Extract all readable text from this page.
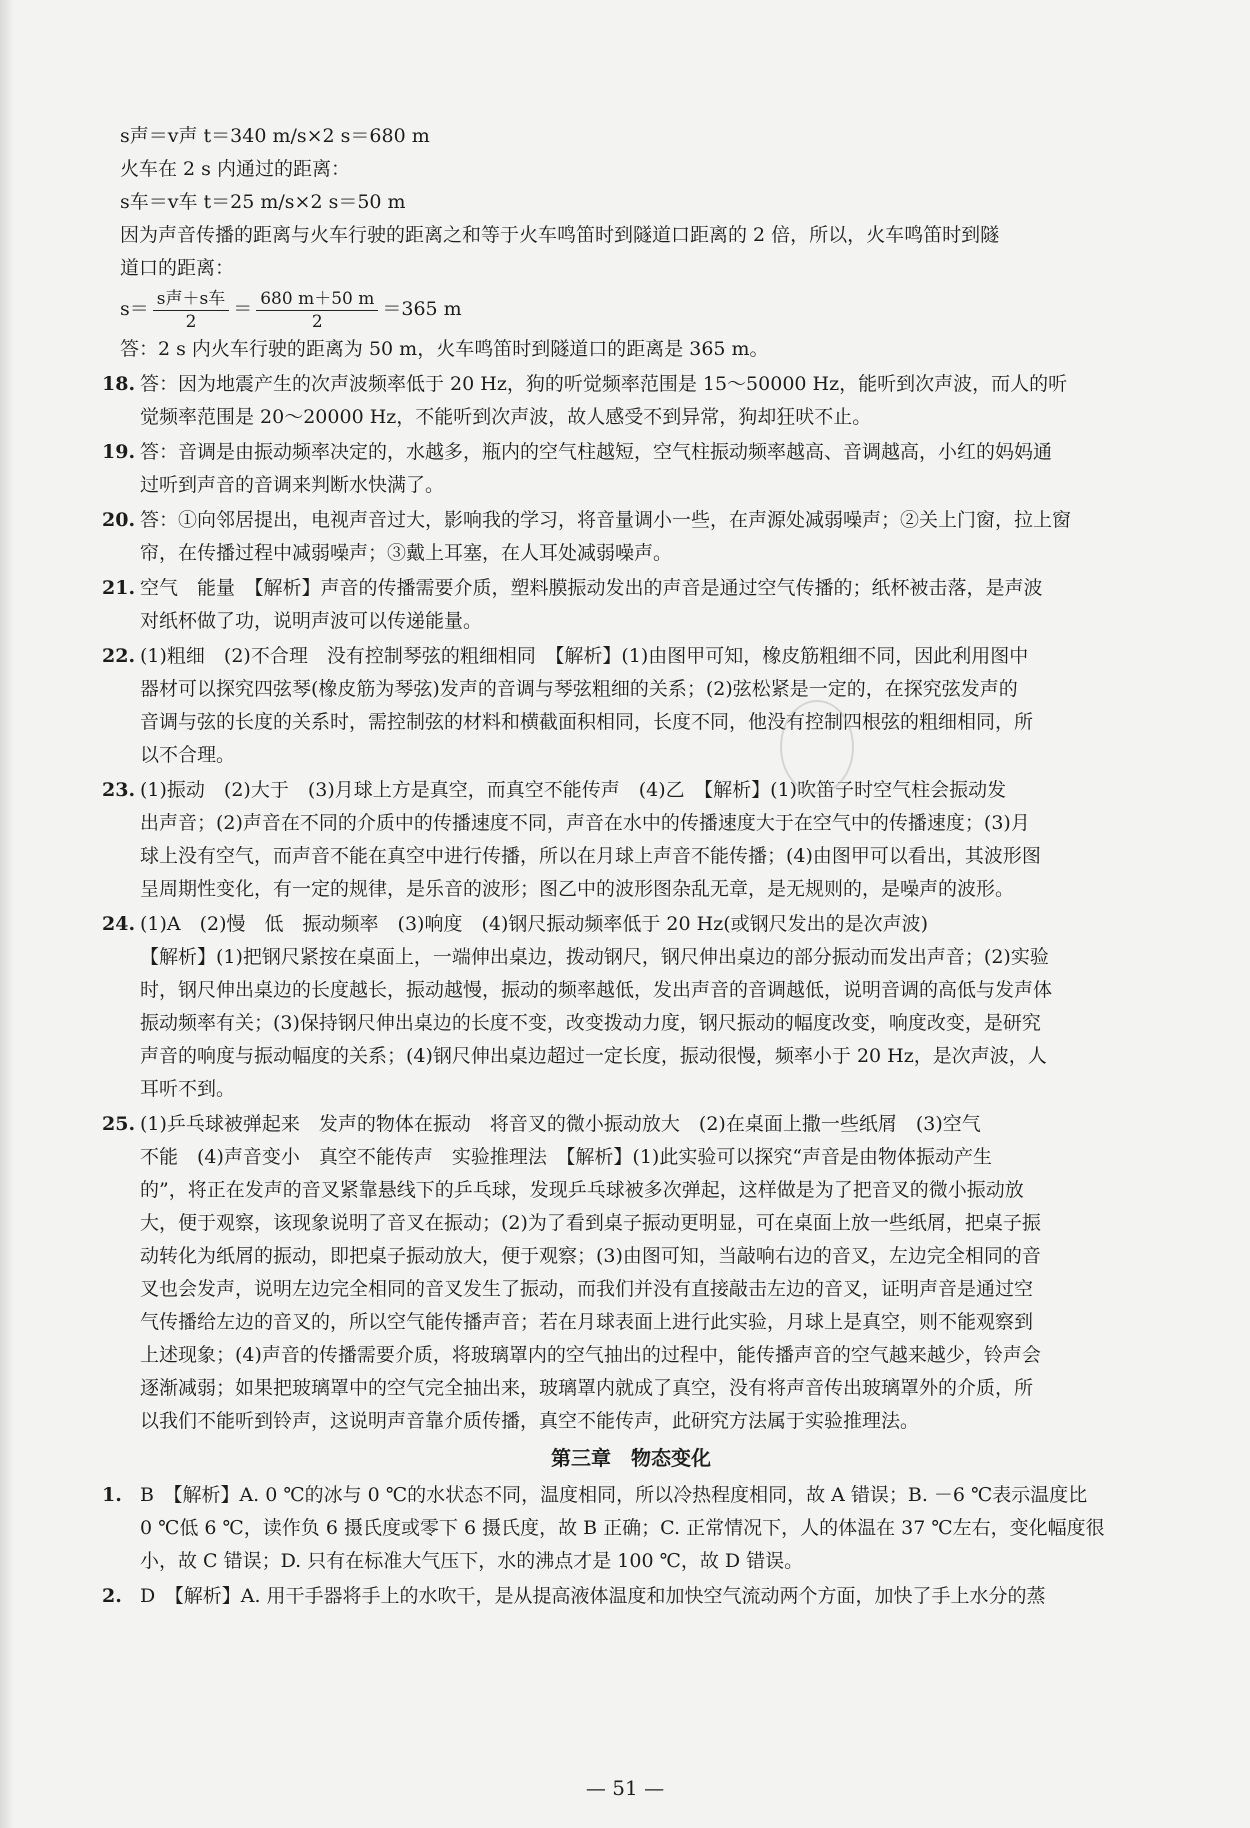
s声＝v声 t＝340 m/s×2 s＝680 m
火车在 2 s 内通过的距离：
s车＝v车 t＝25 m/s×2 s＝50 m
因为声音传播的距离与火车行驶的距离之和等于火车鸣笛时到隧道口距离的 2 倍，所以，火车鸣笛时到隧
道口的距离：
$s= \frac{\text{s声＋s车}}{2} = \frac{680 m+50 m}{2} =365$ m
答：2 s 内火车行驶的距离为 50 m，火车鸣笛时到隧道口的距离是 365 m。
18. 答：因为地震产生的次声波频率低于 20 Hz，狗的听觉频率范围是 15～50000 Hz，能听到次声波，而人的听
觉频率范围是 20～20000 Hz，不能听到次声波，故人感受不到异常，狗却狂吠不止。
19. 答：音调是由振动频率决定的，水越多，瓶内的空气柱越短，空气柱振动频率越高、音调越高，小红的妈妈通
过听到声音的音调来判断水快满了。
20. 答：①向邻居提出，电视声音过大，影响我的学习，将音量调小一些，在声源处减弱噪声；②关上门窗，拉上窗
帘，在传播过程中减弱噪声；③戴上耳塞，在人耳处减弱噪声。
21. 空气　能量　【解析】声音的传播需要介质，塑料膜振动发出的声音是通过空气传播的；纸杯被击落，是声波
对纸杯做了功，说明声波可以传递能量。
22. (1)粗细　(2)不合理　没有控制琴弦的粗细相同　【解析】(1)由图甲可知，橡皮筋粗细不同，因此利用图中
器材可以探究四弦琴(橡皮筋为琴弦)发声的音调与琴弦粗细的关系；(2)弦松紧是一定的，在探究弦发声的
音调与弦的长度的关系时，需控制弦的材料和横截面积相同，长度不同，他没有控制四根弦的粗细相同，所
以不合理。
23. (1)振动　(2)大于　(3)月球上方是真空，而真空不能传声　(4)乙　【解析】(1)吹笛子时空气柱会振动发
出声音；(2)声音在不同的介质中的传播速度不同，声音在水中的传播速度大于在空气中的传播速度；(3)月
球上没有空气，而声音不能在真空中进行传播，所以在月球上声音不能传播；(4)由图甲可以看出，其波形图
呈周期性变化，有一定的规律，是乐音的波形；图乙中的波形图杂乱无章，是无规则的，是噪声的波形。
24. (1)A　(2)慢　低　振动频率　(3)响度　(4)钢尺振动频率低于 20 Hz(或钢尺发出的是次声波)
【解析】(1)把钢尺紧按在桌面上，一端伸出桌边，拨动钢尺，钢尺伸出桌边的部分振动而发出声音；(2)实验
时，钢尺伸出桌边的长度越长，振动越慢，振动的频率越低，发出声音的音调越低，说明音调的高低与发声体
振动频率有关；(3)保持钢尺伸出桌边的长度不变，改变拨动力度，钢尺振动的幅度改变，响度改变，是研究
声音的响度与振动幅度的关系；(4)钢尺伸出桌边超过一定长度，振动很慢，频率小于 20 Hz，是次声波，人
耳听不到。
25. (1)乒乓球被弹起来　发声的物体在振动　将音叉的微小振动放大　(2)在桌面上撒一些纸屑　(3)空气
不能　(4)声音变小　真空不能传声　实验推理法　【解析】(1)此实验可以探究“声音是由物体振动产生
的”，将正在发声的音叉紧靠悬线下的乒乓球，发现乒乓球被多次弹起，这样做是为了把音叉的微小振动放
大，便于观察，该现象说明了音叉在振动；(2)为了看到桌子振动更明显，可在桌面上放一些纸屑，把桌子振
动转化为纸屑的振动，即把桌子振动放大，便于观察；(3)由图可知，当敲响右边的音叉，左边完全相同的音
叉也会发声，说明左边完全相同的音叉发生了振动，而我们并没有直接敲击左边的音叉，证明声音是通过空
气传播给左边的音叉的，所以空气能传播声音；若在月球表面上进行此实验，月球上是真空，则不能观察到
上述现象；(4)声音的传播需要介质，将玻璃罩内的空气抽出的过程中，能传播声音的空气越来越少，铃声会
逐渐减弱；如果把玻璃罩中的空气完全抽出来，玻璃罩内就成了真空，没有将声音传出玻璃罩外的介质，所
以我们不能听到铃声，这说明声音靠介质传播，真空不能传声，此研究方法属于实验推理法。
第三章　物态变化
1. B　【解析】A. 0 ℃的冰与 0 ℃的水状态不同，温度相同，所以冷热程度相同，故 A 错误；B. －6 ℃表示温度比
0 ℃低 6 ℃，读作负 6 摄氏度或零下 6 摄氏度，故 B 正确；C. 正常情况下，人的体温在 37 ℃左右，变化幅度很
小，故 C 错误；D. 只有在标准大气压下，水的沸点才是 100 ℃，故 D 错误。
2. D　【解析】A. 用干手器将手上的水吹干，是从提高液体温度和加快空气流动两个方面，加快了手上水分的蒸
— 51 —
